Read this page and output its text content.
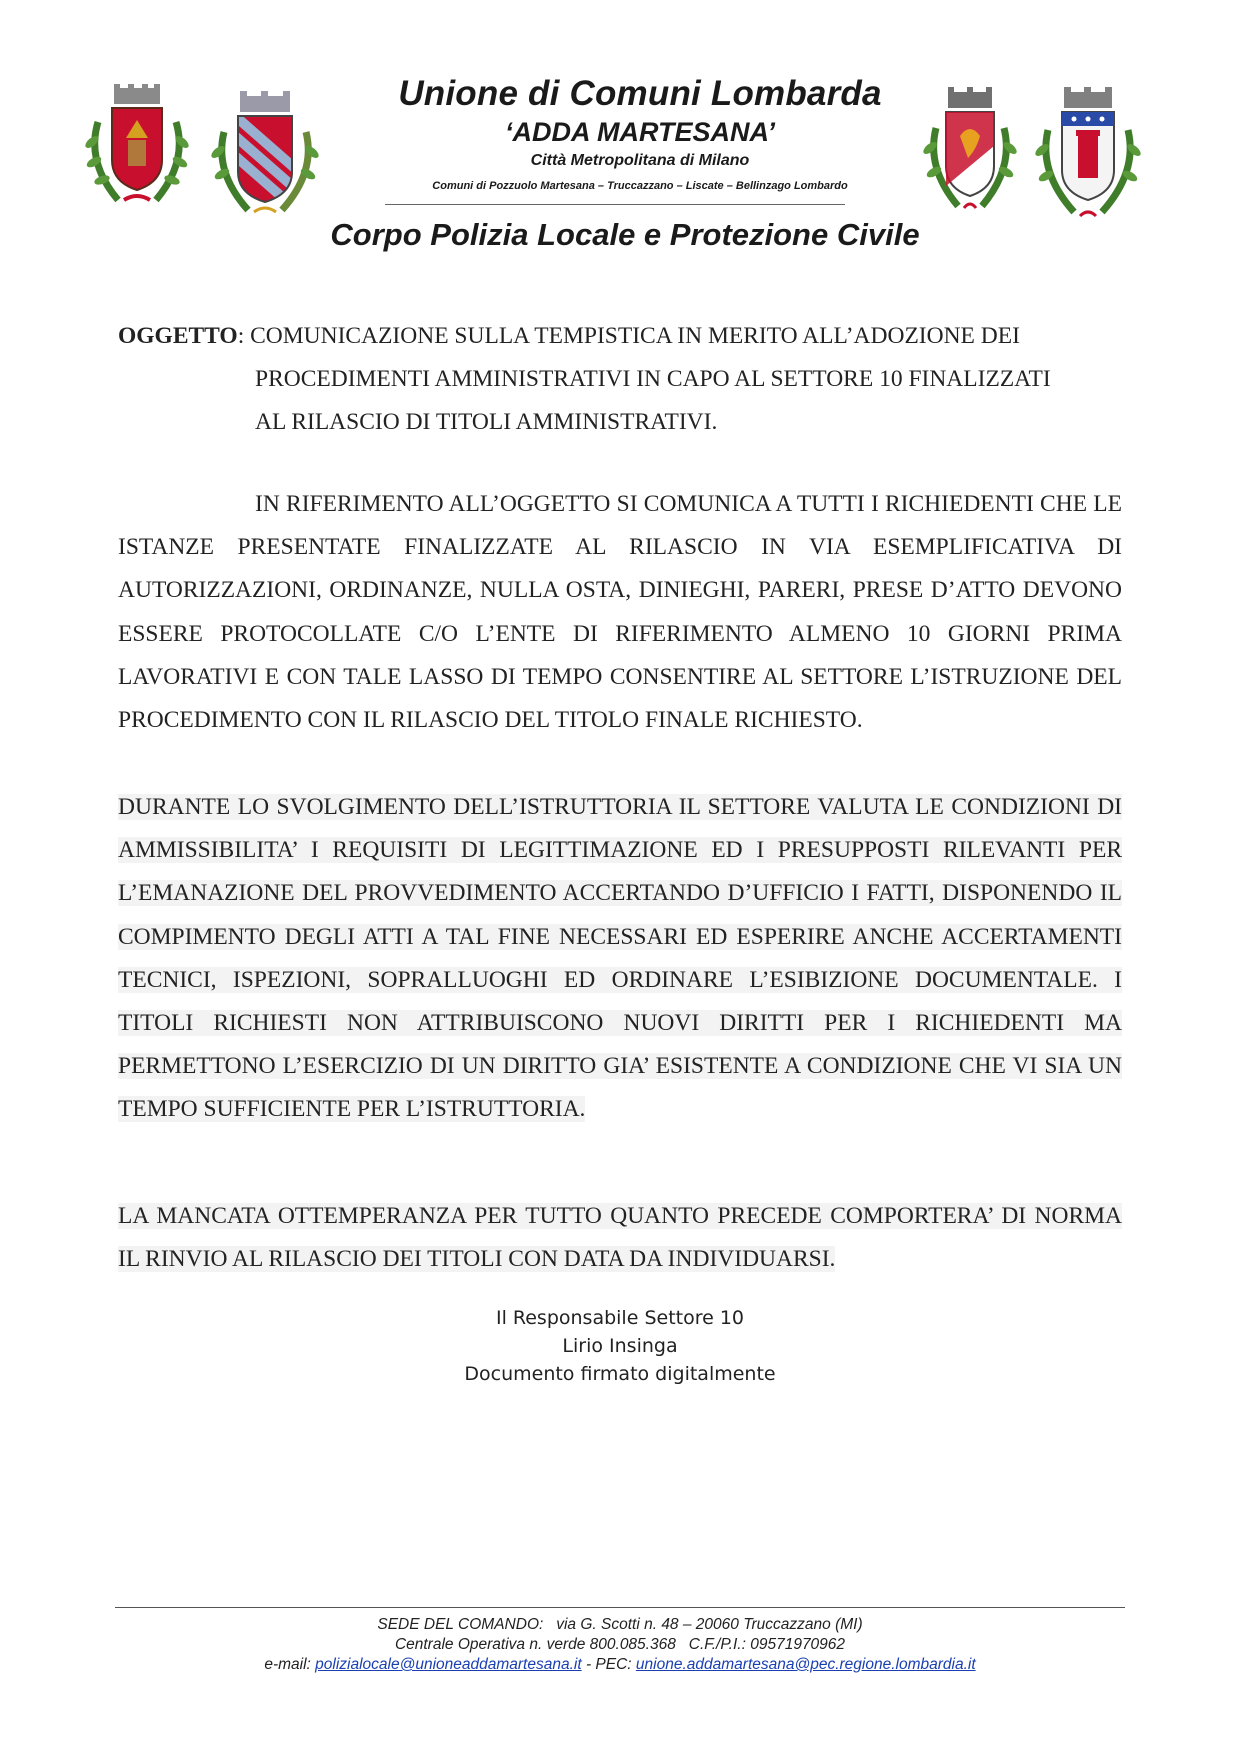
Unione di Comuni Lombarda
‘ADDA MARTESANA’
Città Metropolitana di Milano
Comuni di Pozzuolo Martesana – Truccazzano – Liscate – Bellinzago Lombardo
Corpo Polizia Locale e Protezione Civile
OGGETTO: COMUNICAZIONE SULLA TEMPISTICA IN MERITO ALL’ADOZIONE DEI
PROCEDIMENTI AMMINISTRATIVI IN CAPO AL SETTORE 10 FINALIZZATI
AL RILASCIO DI TITOLI AMMINISTRATIVI.
IN RIFERIMENTO ALL’OGGETTO SI COMUNICA A TUTTI I RICHIEDENTI CHE LE ISTANZE PRESENTATE FINALIZZATE AL RILASCIO IN VIA ESEMPLIFICATIVA DI AUTORIZZAZIONI, ORDINANZE, NULLA OSTA, DINIEGHI, PARERI, PRESE D’ATTO DEVONO ESSERE PROTOCOLLATE C/O L’ENTE DI RIFERIMENTO ALMENO 10 GIORNI PRIMA LAVORATIVI E CON TALE LASSO DI TEMPO CONSENTIRE AL SETTORE L’ISTRUZIONE DEL PROCEDIMENTO CON IL RILASCIO DEL TITOLO FINALE RICHIESTO.
DURANTE LO SVOLGIMENTO DELL’ISTRUTTORIA IL SETTORE VALUTA LE CONDIZIONI DI AMMISSIBILITA’ I REQUISITI DI LEGITTIMAZIONE ED I PRESUPPOSTI RILEVANTI PER L’EMANAZIONE DEL PROVVEDIMENTO ACCERTANDO D’UFFICIO I FATTI, DISPONENDO IL COMPIMENTO DEGLI ATTI A TAL FINE NECESSARI ED ESPERIRE ANCHE ACCERTAMENTI TECNICI, ISPEZIONI, SOPRALLUOGHI ED ORDINARE L’ESIBIZIONE DOCUMENTALE. I TITOLI RICHIESTI NON ATTRIBUISCONO NUOVI DIRITTI PER I RICHIEDENTI MA PERMETTONO L’ESERCIZIO DI UN DIRITTO GIA’ ESISTENTE A CONDIZIONE CHE VI SIA UN TEMPO SUFFICIENTE PER L’ISTRUTTORIA.
LA MANCATA OTTEMPERANZA PER TUTTO QUANTO PRECEDE COMPORTERA’ DI NORMA IL RINVIO AL RILASCIO DEI TITOLI CON DATA DA INDIVIDUARSI.
Il Responsabile Settore 10
Lirio Insinga
Documento firmato digitalmente
SEDE DEL COMANDO:   via G. Scotti n. 48 – 20060 Truccazzano (MI)
Centrale Operativa n. verde 800.085.368   C.F./P.I.: 09571970962
e-mail: polizialocale@unioneaddamartesana.it - PEC: unione.addamartesana@pec.regione.lombardia.it
